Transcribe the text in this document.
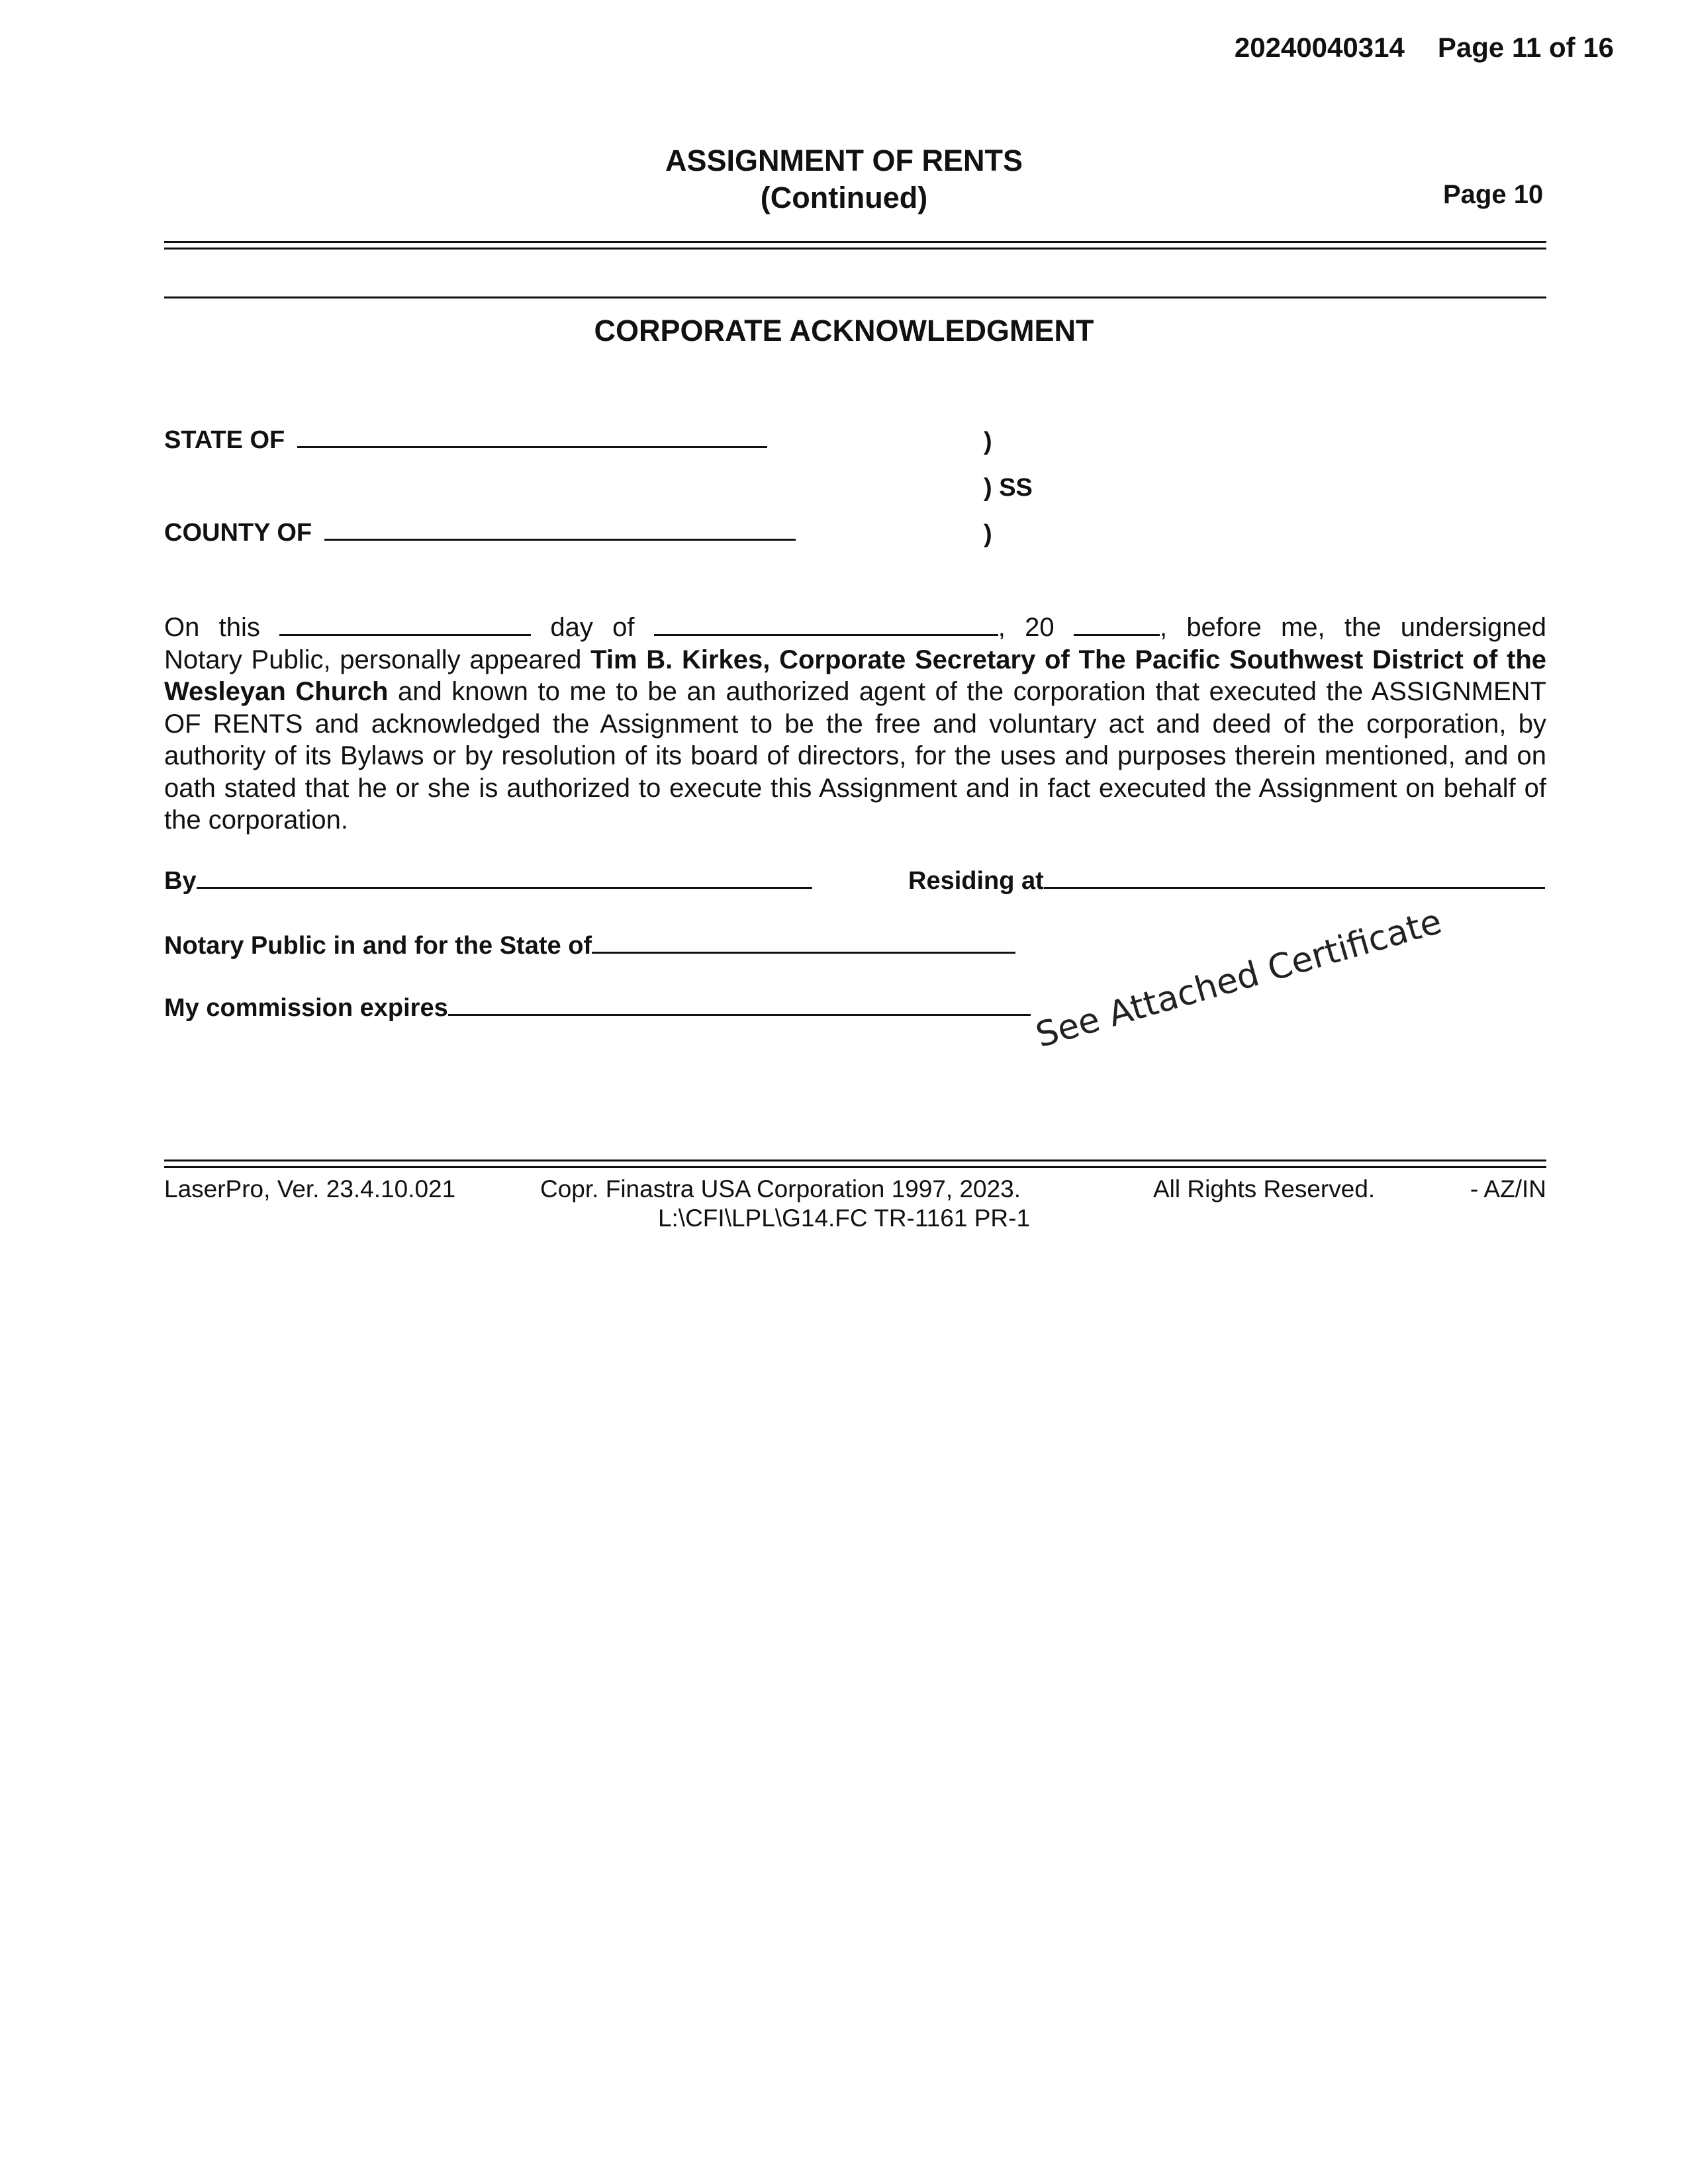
20240040314 Page 11 of 16
ASSIGNMENT OF RENTS
(Continued)	Page 10
CORPORATE ACKNOWLEDGMENT
STATE OF
COUNTY OF
)
) SS
)
On this	day of	, 20	, before me, the undersigned
Notary Public, personally appeared Tim B. Kirkes, Corporate Secretary of The Pacific Southwest District of the Wesleyan Church and known to me to be an authorized agent of the corporation that executed the ASSIGNMENT OF RENTS and acknowledged the Assignment to be the free and voluntary act and deed of the corporation, by authority of its Bylaws or by resolution of its board of directors, for the uses and purposes therein mentioned, and on oath stated that he or she is authorized to execute this Assignment and in fact executed the Assignment on behalf of the corporation.
By	Residing at
Notary Public in and for the State of
My commission expires	See Attached Certificate
LaserPro, Ver. 23.4.10.021	Copr. Finastra USA Corporation 1997, 2023.	All Rights Reserved.	- AZ/IN
L:\CFI\LPL\G14.FC TR-1161 PR-1
